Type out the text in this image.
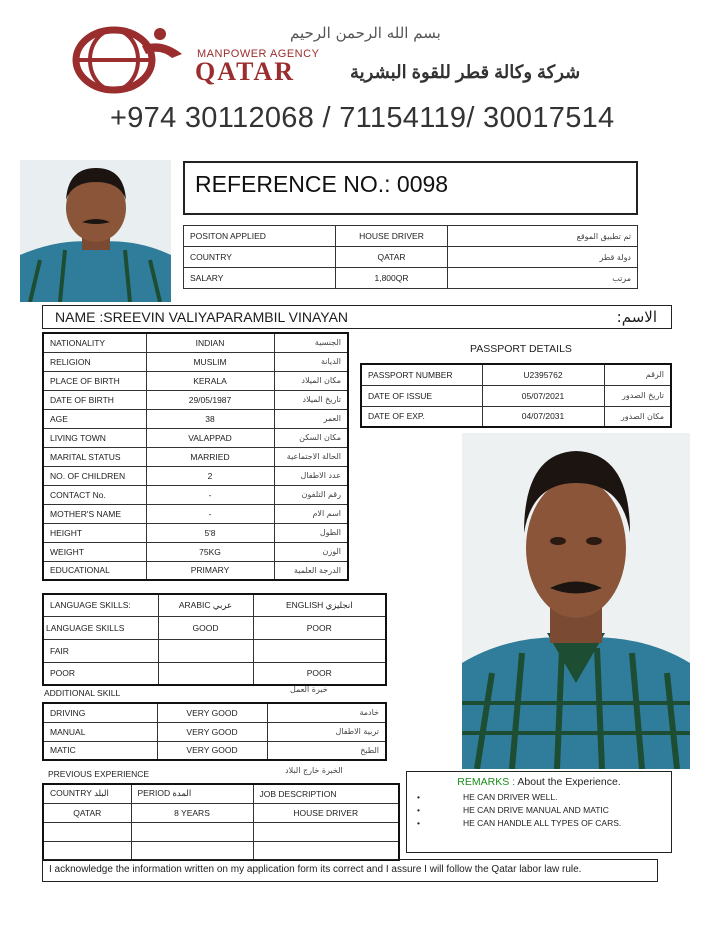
بسم الله الرحمن الرحيم
MANPOWER AGENCY
QATAR	شركة وكالة قطر للقوة البشرية
+974 30112068 / 71154119/ 30017514
REFERENCE NO.: 0098
POSITON APPLIED	HOUSE DRIVER	تم تطبيق الموقع
COUNTRY	QATAR	دولة قطر
SALARY	1,800QR	مرتب
NAME :SREEVIN VALIYAPARAMBIL VINAYAN	الاسم:
NATIONALITY	INDIAN	الجنسية
RELIGION	MUSLIM	الديانة
PLACE OF BIRTH	KERALA	مكان الميلاد
DATE OF BIRTH	29/05/1987	تاريخ الميلاد
AGE	38	العمر
LIVING TOWN	VALAPPAD	مكان السكن
MARITAL STATUS	MARRIED	الحالة الاجتماعية
NO. OF CHILDREN	2	عدد الاطفال
CONTACT No.	-	رقم التلفون
MOTHER'S NAME	-	اسم الام
HEIGHT	5'8	الطول
WEIGHT	75KG	الوزن
EDUCATIONAL	PRIMARY	الدرجة العلمية
PASSPORT DETAILS
PASSPORT NUMBER	U2395762	الرقم
DATE OF ISSUE	05/07/2021	تاريخ الصدور
DATE OF EXP.	04/07/2031	مكان الصدور
LANGUAGE SKILLS:	ARABIC عربي	ENGLISH انجليزي
LANGUAGE SKILLS	GOOD	POOR
FAIR		
POOR		POOR
ADDITIONAL SKILL	خبرة العمل
DRIVING	VERY GOOD	خادمة
MANUAL	VERY GOOD	تربية الاطفال
MATIC	VERY GOOD	الطبخ
PREVIOUS EXPERIENCE	الخبرة خارج البلاد
COUNTRY البلد	PERIOD المدة	JOB DESCRIPTION
QATAR	8 YEARS	HOUSE DRIVER

REMARKS : About the Experience.
•	HE CAN DRIVER WELL.
•	HE CAN DRIVE MANUAL AND MATIC
•	HE CAN HANDLE ALL TYPES OF CARS.
I acknowledge the information written on my application form its correct and I assure I will follow the Qatar labor law rule.
